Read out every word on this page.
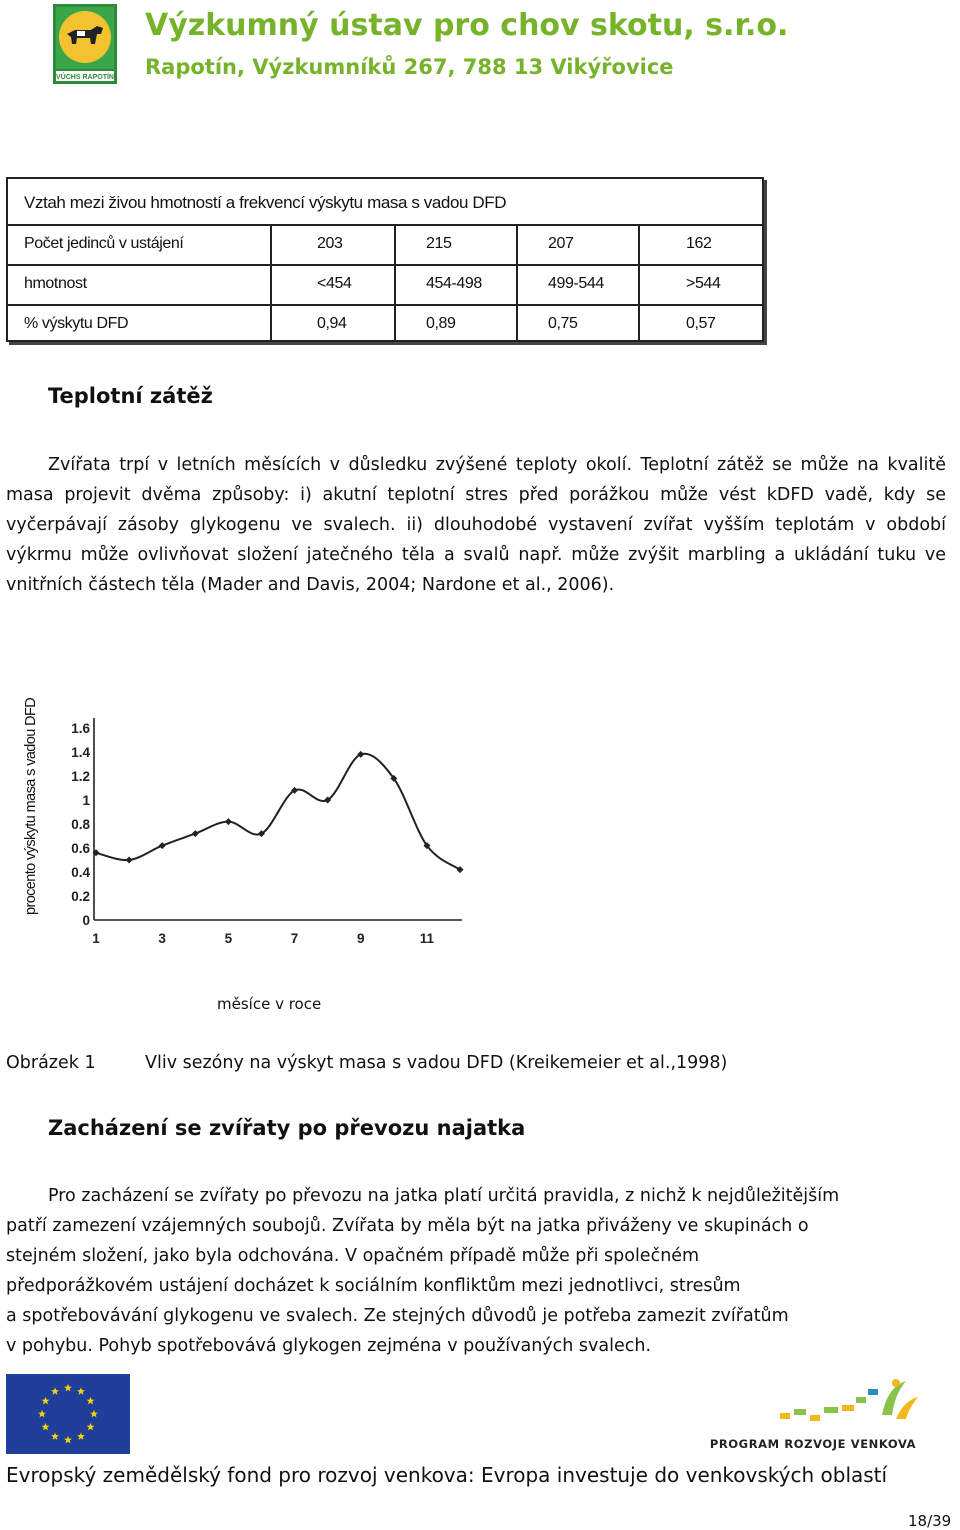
VÚCHS RAPOTÍN
Výzkumný ústav pro chov skotu, s.r.o.
Rapotín, Výzkumníků 267, 788 13 Vikýřovice
Vztah mezi živou hmotností a frekvencí výskytu masa s vadou DFD
Počet jedinců v ustájení	203	215	207	162
hmotnost	<454	454-498	499-544	>544
% výskytu DFD	0,94	0,89	0,75	0,57
Teplotní zátěž
Zvířata trpí v letních měsících v důsledku zvýšené teploty okolí. Teplotní zátěž se může na kvalitě masa projevit dvěma způsoby: i) akutní teplotní stres před porážkou může vést kDFD vadě, kdy se vyčerpávají zásoby glykogenu ve svalech. ii) dlouhodobé vystavení zvířat vyšším teplotám v období výkrmu může ovlivňovat složení jatečného těla a svalů např. může zvýšit marbling a ukládání tuku ve vnitřních částech těla (Mader and Davis, 2004; Nardone et al., 2006).
procento výskytu masa s vadou DFD
0
0.2
0.4
0.6
0.8
1
1.2
1.4
1.6
1	3	5	7	9	11
měsíce v roce
Obrázek 1	Vliv sezóny na výskyt masa s vadou DFD (Kreikemeier et al.,1998)
Zacházení se zvířaty po převozu najatka
Pro zacházení se zvířaty po převozu na jatka platí určitá pravidla, z nichž k nejdůležitějším
patří zamezení vzájemných soubojů. Zvířata by měla být na jatka přiváženy ve skupinách o
stejném složení, jako byla odchována. V opačném případě může při společném
předporážkovém ustájení docházet k sociálním konfliktům mezi jednotlivci, stresům
a spotřebovávání glykogenu ve svalech. Ze stejných důvodů je potřeba zamezit zvířatům
v pohybu. Pohyb spotřebovává glykogen zejména v používaných svalech.
PROGRAM ROZVOJE VENKOVA
Evropský zemědělský fond pro rozvoj venkova: Evropa investuje do venkovských oblastí
18/39
